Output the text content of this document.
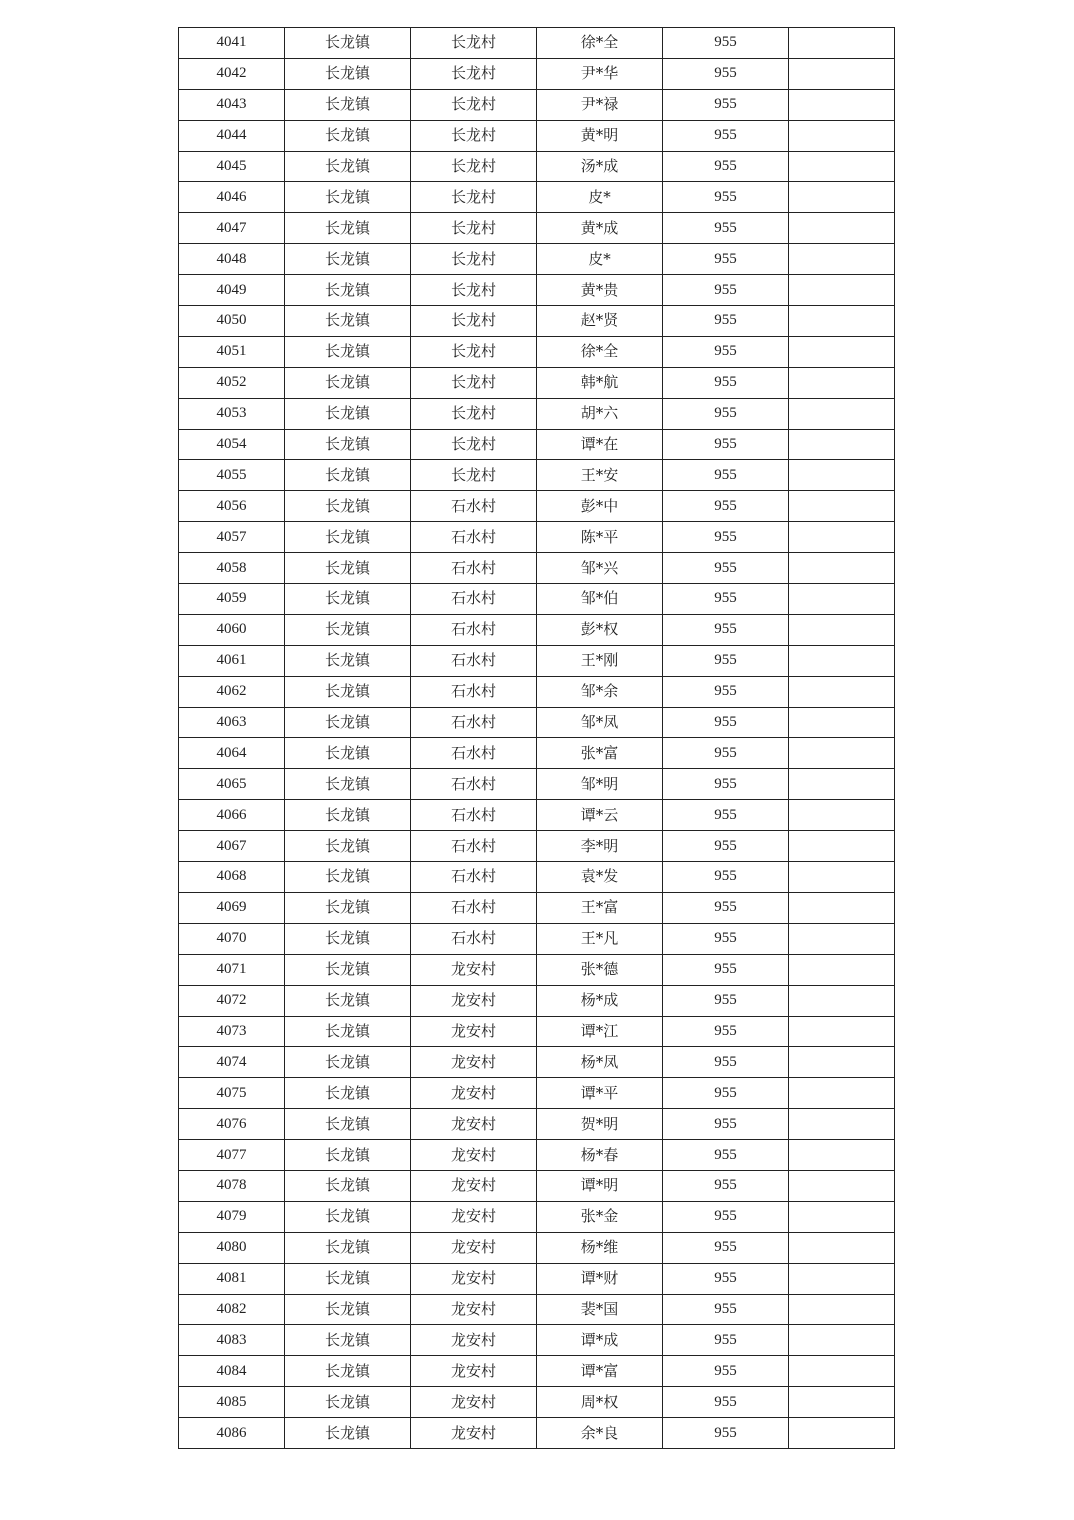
4041	长龙镇	长龙村	徐*全	955	
4042	长龙镇	长龙村	尹*华	955	
4043	长龙镇	长龙村	尹*禄	955	
4044	长龙镇	长龙村	黄*明	955	
4045	长龙镇	长龙村	汤*成	955	
4046	长龙镇	长龙村	皮*	955	
4047	长龙镇	长龙村	黄*成	955	
4048	长龙镇	长龙村	皮*	955	
4049	长龙镇	长龙村	黄*贵	955	
4050	长龙镇	长龙村	赵*贤	955	
4051	长龙镇	长龙村	徐*全	955	
4052	长龙镇	长龙村	韩*航	955	
4053	长龙镇	长龙村	胡*六	955	
4054	长龙镇	长龙村	谭*在	955	
4055	长龙镇	长龙村	王*安	955	
4056	长龙镇	石水村	彭*中	955	
4057	长龙镇	石水村	陈*平	955	
4058	长龙镇	石水村	邹*兴	955	
4059	长龙镇	石水村	邹*伯	955	
4060	长龙镇	石水村	彭*权	955	
4061	长龙镇	石水村	王*刚	955	
4062	长龙镇	石水村	邹*余	955	
4063	长龙镇	石水村	邹*凤	955	
4064	长龙镇	石水村	张*富	955	
4065	长龙镇	石水村	邹*明	955	
4066	长龙镇	石水村	谭*云	955	
4067	长龙镇	石水村	李*明	955	
4068	长龙镇	石水村	袁*发	955	
4069	长龙镇	石水村	王*富	955	
4070	长龙镇	石水村	王*凡	955	
4071	长龙镇	龙安村	张*德	955	
4072	长龙镇	龙安村	杨*成	955	
4073	长龙镇	龙安村	谭*江	955	
4074	长龙镇	龙安村	杨*凤	955	
4075	长龙镇	龙安村	谭*平	955	
4076	长龙镇	龙安村	贺*明	955	
4077	长龙镇	龙安村	杨*春	955	
4078	长龙镇	龙安村	谭*明	955	
4079	长龙镇	龙安村	张*金	955	
4080	长龙镇	龙安村	杨*维	955	
4081	长龙镇	龙安村	谭*财	955	
4082	长龙镇	龙安村	裴*国	955	
4083	长龙镇	龙安村	谭*成	955	
4084	长龙镇	龙安村	谭*富	955	
4085	长龙镇	龙安村	周*权	955	
4086	长龙镇	龙安村	余*良	955	
